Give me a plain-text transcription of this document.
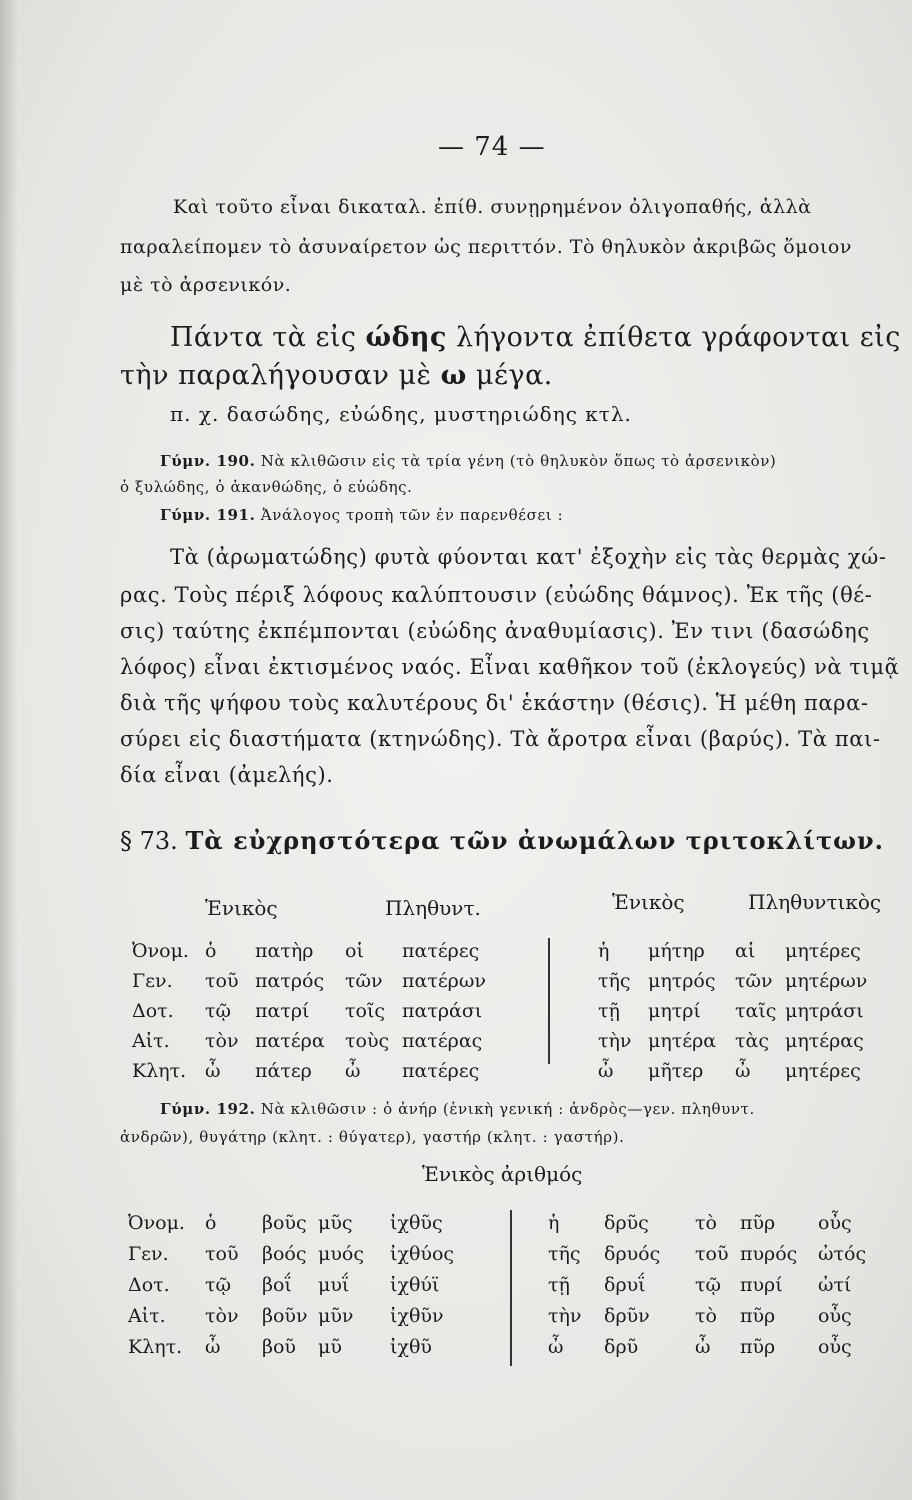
— 74 —
Καὶ τοῦτο εἶναι δικαταλ. ἐπίθ. συνῃρημένον ὀλιγοπαθής, ἀλλὰ
παραλείπομεν τὸ ἀσυναίρετον ὡς περιττόν. Τὸ θηλυκὸν ἀκριβῶς ὅμοιον
μὲ τὸ ἀρσενικόν.
Πάντα τὰ εἰς ώδης λήγοντα ἐπίθετα γράφονται εἰς
τὴν παραλήγουσαν μὲ ω μέγα.
π. χ. δασώδης, εὐώδης, μυστηριώδης κτλ.
Γύμν. 190. Νὰ κλιθῶσιν εἰς τὰ τρία γένη (τὸ θηλυκὸν ὅπως τὸ ἀρσενικὸν)
ὁ ξυλώδης, ὁ ἀκανθώδης, ὁ εὐώδης.
Γύμν. 191. Ἀνάλογος τροπὴ τῶν ἐν παρενθέσει :
Τὰ (ἀρωματώδης) φυτὰ φύονται κατ' ἐξοχὴν εἰς τὰς θερμὰς χώ-
ρας. Τοὺς πέριξ λόφους καλύπτουσιν (εὐώδης θάμνος). Ἐκ τῆς (θέ-
σις) ταύτης ἐκπέμπονται (εὐώδης ἀναθυμίασις). Ἐν τινι (δασώδης
λόφος) εἶναι ἐκτισμένος ναός. Εἶναι καθῆκον τοῦ (ἐκλογεύς) νὰ τιμᾷ
διὰ τῆς ψήφου τοὺς καλυτέρους δι' ἑκάστην (θέσις). Ἡ μέθη παρα-
σύρει εἰς διαστήματα (κτηνώδης). Τὰ ἄροτρα εἶναι (βαρύς). Τὰ παι-
δία εἶναι (ἀμελής).
§ 73. Τὰ εὐχρηστότερα τῶν ἀνωμάλων τριτοκλίτων.
Ἑνικὸς	Πληθυντ.	Ἑνικὸς	Πληθυντικὸς
Ὀνομ. ὁ πατὴρ οἱ πατέρες	ἡ μήτηρ αἱ μητέρες
Γεν. τοῦ πατρός τῶν πατέρων	τῆς μητρός τῶν μητέρων
Δοτ. τῷ πατρί τοῖς πατράσι	τῇ μητρί ταῖς μητράσι
Αἰτ. τὸν πατέρα τοὺς πατέρας	τὴν μητέρα τὰς μητέρας
Κλητ. ὦ πάτερ ὦ πατέρες	ὦ μῆτερ ὦ μητέρες
Γύμν. 192. Νὰ κλιθῶσιν : ὁ ἀνήρ (ἑνικὴ γενική : ἀνδρὸς—γεν. πληθυντ.
ἀνδρῶν), θυγάτηρ (κλητ. : θύγατερ), γαστήρ (κλητ. : γαστήρ).
Ἑνικὸς ἀριθμός
Ὀνομ. ὁ βοῦς μῦς ἰχθῦς	ἡ δρῦς τὸ πῦρ οὖς
Γεν. τοῦ βοός μυός ἰχθύος	τῆς δρυός τοῦ πυρός ὠτός
Δοτ. τῷ βοΐ μυΐ ἰχθύϊ	τῇ δρυΐ	τῷ πυρί ὠτί
Αἰτ. τὸν βοῦν μῦν ἰχθῦν	τὴν δρῦν τὸ πῦρ οὖς
Κλητ. ὦ βοῦ μῦ	ἰχθῦ	ὦ δρῦ	ὦ πῦρ οὖς
